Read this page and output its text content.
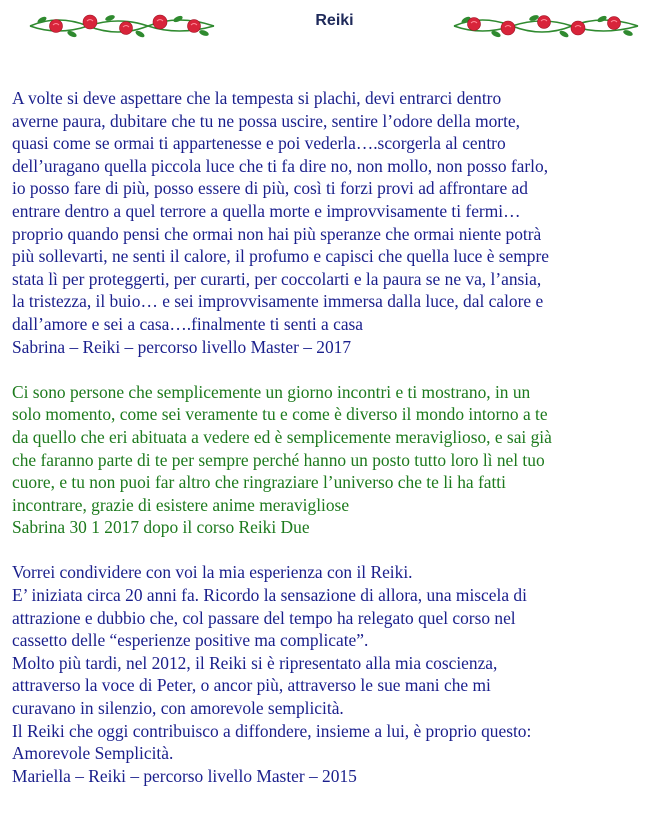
Reiki
A volte si deve aspettare che la tempesta si plachi, devi entrarci dentro
averne paura, dubitare che tu ne possa uscire, sentire l’odore della morte,
quasi come se ormai ti appartenesse e poi vederla….scorgerla al centro
dell’uragano quella piccola luce che ti fa dire no, non mollo, non posso farlo,
io posso fare di più, posso essere di più, così ti forzi provi ad affrontare ad
entrare dentro a quel terrore a quella morte e improvvisamente ti fermi…
proprio quando pensi che ormai non hai più speranze che ormai niente potrà
più sollevarti, ne senti il calore, il profumo e capisci che quella luce è sempre
stata lì per proteggerti, per curarti, per coccolarti e la paura se ne va, l’ansia,
la tristezza, il buio… e sei improvvisamente immersa dalla luce, dal calore e
dall’amore e sei a casa….finalmente ti senti a casa
Sabrina – Reiki – percorso livello Master – 2017
Ci sono persone che semplicemente un giorno incontri e ti mostrano, in un
solo momento, come sei veramente tu e come è diverso il mondo intorno a te
da quello che eri abituata a vedere ed è semplicemente meraviglioso, e sai già
che faranno parte di te per sempre perché hanno un posto tutto loro lì nel tuo
cuore, e tu non puoi far altro che ringraziare l’universo che te li ha fatti
incontrare, grazie di esistere anime meravigliose
Sabrina 30 1 2017 dopo il corso Reiki Due
Vorrei condividere con voi la mia esperienza con il Reiki.
E’ iniziata circa 20 anni fa. Ricordo la sensazione di allora, una miscela di
attrazione e dubbio che, col passare del tempo ha relegato quel corso nel
cassetto delle “esperienze positive ma complicate”.
Molto più tardi, nel 2012, il Reiki si è ripresentato alla mia coscienza,
attraverso la voce di Peter, o ancor più, attraverso le sue mani che mi
curavano in silenzio, con amorevole semplicità.
Il Reiki che oggi contribuisco a diffondere, insieme a lui, è proprio questo:
Amorevole Semplicità.
Mariella – Reiki – percorso livello Master – 2015
